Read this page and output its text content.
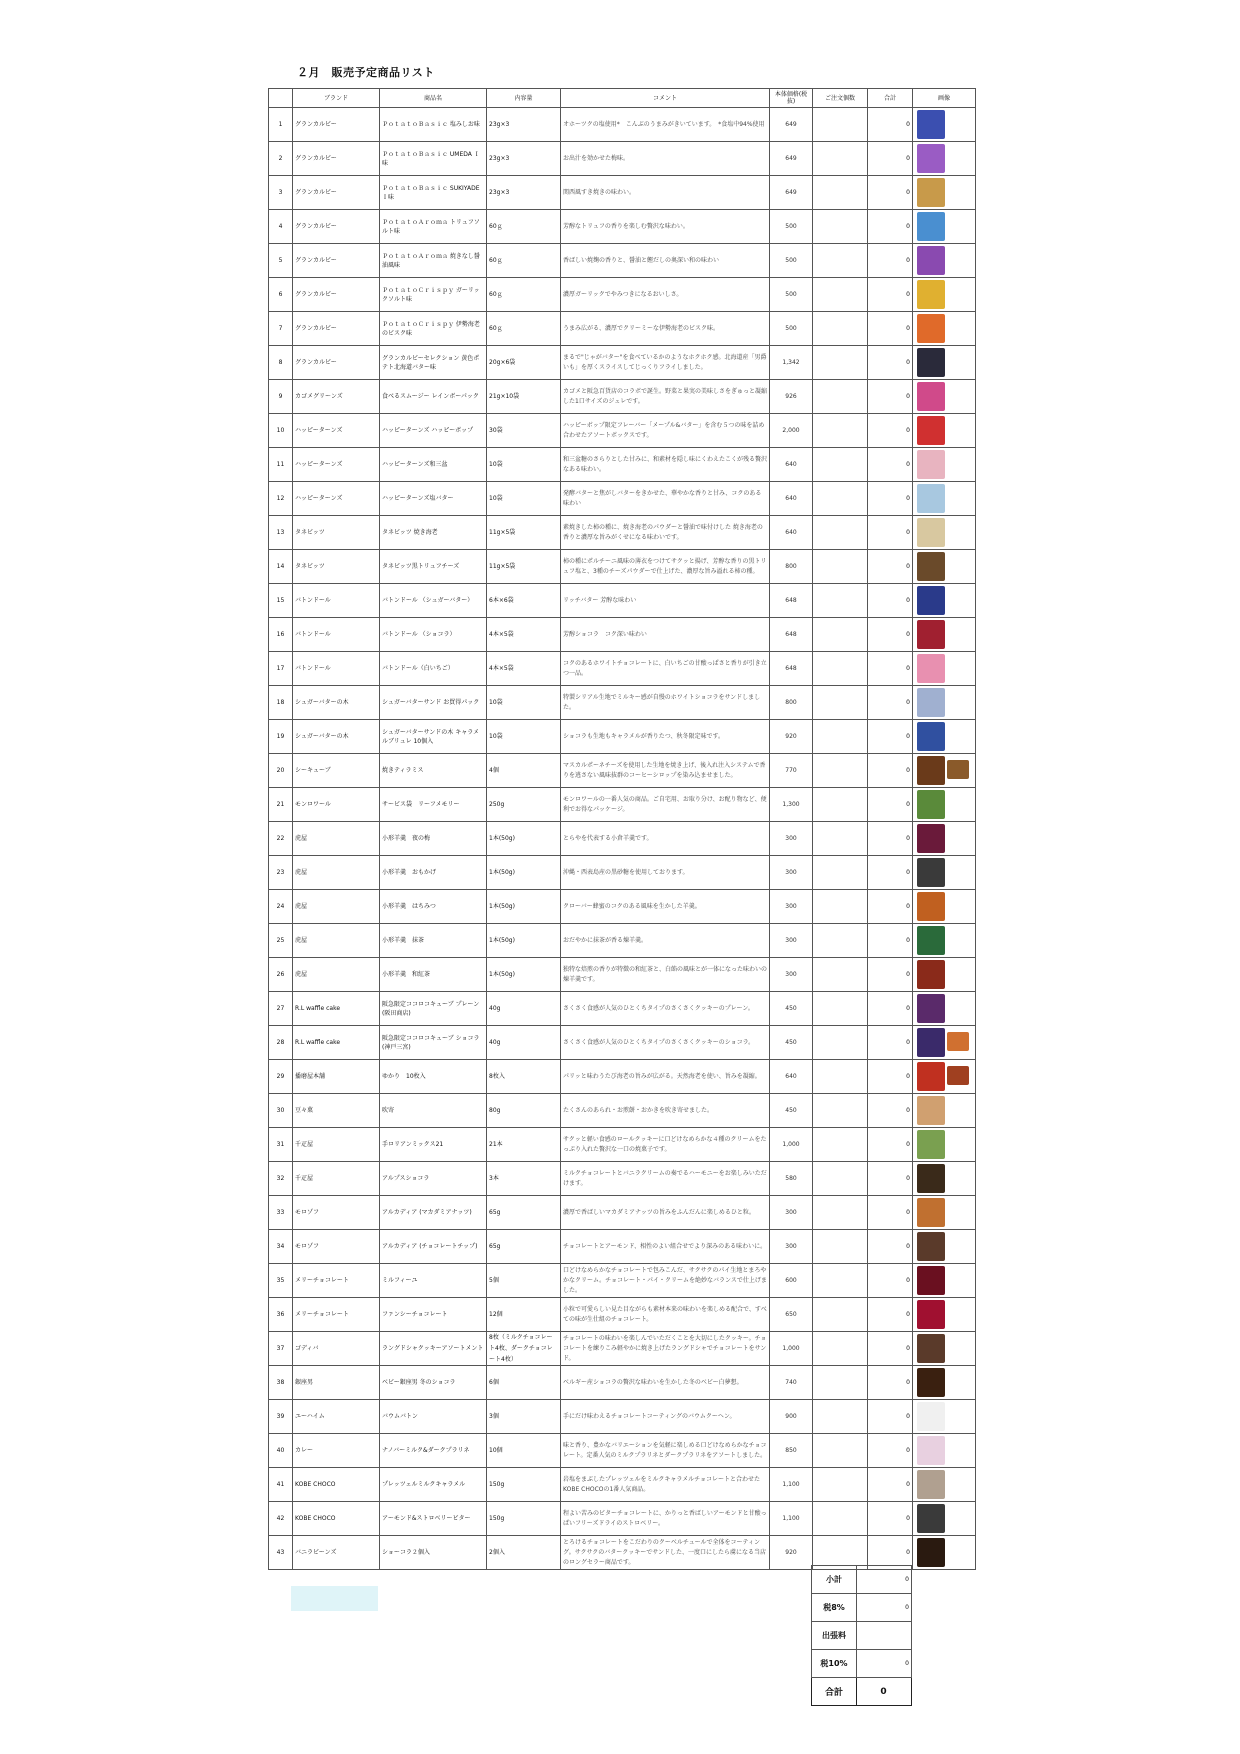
２月　販売予定商品リスト
	ブランド	商品名	内容量	コメント	本体価格(税抜)	ご注文個数	合計	画像
1	グランカルビー	ＰｏｔａｔｏＢａｓｉｃ 塩みしお味	23g×3	オホーツクの塩使用*　こんぶのうまみがきいています。　*食塩中94%使用	649		0	

2	グランカルビー	ＰｏｔａｔｏＢａｓｉｃ UMEDA Ｉ味	23g×3	お出汁を効かせた梅味。	649		0	

3	グランカルビー	ＰｏｔａｔｏＢａｓｉｃ SUKIYADE Ｉ味	23g×3	関西風すき焼きの味わい。	649		0	

4	グランカルビー	ＰｏｔａｔｏＡｒｏｍａ トリュフソルト味	60ｇ	芳醇なトリュフの香りを楽しむ贅沢な味わい。	500		0	

5	グランカルビー	ＰｏｔａｔｏＡｒｏｍａ 焼きなし醤油風味	60ｇ	香ばしい焼麹の香りと、醤油と鰹だしの奥深い和の味わい	500		0	

6	グランカルビー	ＰｏｔａｔｏＣｒｉｓｐｙ ガーリックソルト味	60ｇ	濃厚ガーリックでやみつきになるおいしさ。	500		0	

7	グランカルビー	ＰｏｔａｔｏＣｒｉｓｐｙ 伊勢海老のビスク味	60ｇ	うまみ広がる、濃厚でクリーミーな伊勢海老のビスク味。	500		0	

8	グランカルビー	グランカルビーセレクション 黄色ポテト北海道バター味	20g×6袋	まるで"じゃがバター"を食べているかのようなホクホク感。北海道産「男爵いも」を厚くスライスしてじっくりフライしました。	1,342		0	

9	カゴメグリーンズ	食べるスムージー レインボーパック	21g×10袋	カゴメと阪急百貨店のコラボで誕生。野菜と果実の美味しさをぎゅっと凝縮した1口サイズのジュレです。	926		0	

10	ハッピーターンズ	ハッピーターンズ ハッピーボップ	30袋	ハッピーボップ限定フレーバー「メープル&バター」を含む５つの味を詰め合わせたアソートボックスです。	2,000		0	

11	ハッピーターンズ	ハッピーターンズ和三盆	10袋	和三盆糖のさらりとした甘みに、和素材を隠し味にくわえたこくが残る贅沢なある味わい。	640		0	

12	ハッピーターンズ	ハッピーターンズ塩バター	10袋	発酵バターと焦がしバターをきかせた、華やかな香りと甘み、コクのある味わい	640		0	

13	タネビッツ	タネビッツ 焼き海老	11g×5袋	素焼きした柿の種に、焼き海老のパウダーと醤油で味付けした 焼き海老の香りと濃厚な旨みがくせになる味わいです。	640		0	

14	タネビッツ	タネビッツ黒トリュフチーズ	11g×5袋	柿の種にポルチーニ風味の薄衣をつけてサクッと揚げ、芳醇な香りの黒トリュフ塩と、3種のチーズパウダーで仕上げた、濃厚な旨み溢れる柿の種。	800		0	

15	バトンドール	バトンドール （シュガーバター）	6本×6袋	リッチバター 芳醇な味わい	648		0	

16	バトンドール	バトンドール （ショコラ）	4本×5袋	芳醇ショコラ　コク深い味わい	648		0	

17	バトンドール	バトンドール（白いちご）	4本×5袋	コクのあるホワイトチョコレートに、白いちごの甘酸っぱさと香りが引き立つ一品。	648		0	

18	シュガーバターの木	シュガーバターサンド お買得パック	10袋	特製シリアル生地でミルキー感が自慢のホワイトショコラをサンドしました。	800		0	

19	シュガーバターの木	シュガーバターサンドの木 キャラメルブリュレ 10個入	10袋	ショコラも生地もキャラメルが香りたつ、秋冬限定味です。	920		0	

20	シーキューブ	焼きティラミス	4個	マスカルポーネチーズを使用した生地を焼き上げ、後入れ注入システムで香りを逃さない風味抜群のコーヒーシロップを染み込ませました。	770		0	

21	モンロワール	サービス袋　リーフメモリー	250g	モンロワールの一番人気の商品。ご自宅用、お取り分け、お配り物など、便利でお得なパッケージ。	1,300		0	

22	虎屋	小形羊羹　夜の梅	1本(50g)	とらやを代表する小倉羊羹です。	300		0	

23	虎屋	小形羊羹　おもかげ	1本(50g)	沖縄・西表島産の黒砂糖を使用しております。	300		0	

24	虎屋	小形羊羹　はちみつ	1本(50g)	クローバー蜂蜜のコクのある風味を生かした羊羹。	300		0	

25	虎屋	小形羊羹　抹茶	1本(50g)	おだやかに抹茶が香る煉羊羹。	300		0	

26	虎屋	小形羊羹　和紅茶	1本(50g)	独特な焙煎の香りが特徴の和紅茶と、白餡の風味とが一体になった味わいの煉羊羹です。	300		0	

27	R.L waffle cake	阪急限定ココロコキューブ プレーン(阪田商店)	40g	さくさく食感が人気のひとくちタイプのさくさくクッキーのプレーン。	450		0	

28	R.L waffle cake	阪急限定ココロコキューブ ショコラ(神戸三宮)	40g	さくさく食感が人気のひとくちタイプのさくさくクッキーのショコラ。	450		0	

29	播磨屋本舗	ゆかり　10枚入	8枚入	パリッと味わうたび海老の旨みが広がる。天然海老を使い、旨みを凝縮。	640		0	

30	豆々菓	吹寄	80g	たくさんのあられ・お煎餅・おかきを吹き寄せました。	450		0	

31	千疋屋	手ロリアンミックス21	21本	サクッと軽い食感のロールクッキーに口どけなめらかな４種のクリームをたっぷり入れた贅沢な一口の焼菓子です。	1,000		0	

32	千疋屋	アルプスショコラ	3本	ミルクチョコレートとバニラクリームの奏でるハーモニーをお楽しみいただけます。	580		0	

33	モロゾフ	アルカディア (マカダミアナッツ)	65g	濃厚で香ばしいマカダミアナッツの旨みをふんだんに楽しめるひと粒。	300		0	

34	モロゾフ	アルカディア (チョコレートチップ)	65g	チョコレートとアーモンド、相性のよい組合せでより深みのある味わいに。	300		0	

35	メリーチョコレート	ミルフィーユ	5個	口どけなめらかなチョコレートで包みこんだ、サクサクのパイ生地とまろやかなクリーム。チョコレート・パイ・クリームを絶妙なバランスで仕上げました。	600		0	

36	メリーチョコレート	ファンシーチョコレート	12個	小粒で可愛らしい見た目ながらも素材本来の味わいを楽しめる配合で、すべての味が生仕組のチョコレート。	650		0	

37	ゴディバ	ラングドシャクッキーアソートメント	8枚（ミルクチョコレート4枚、ダークチョコレート4枚）	チョコレートの味わいを楽しんでいただくことを大切にしたクッキー。チョコレートを練りこみ軽やかに焼き上げたラングドシャでチョコレートをサンド。	1,000		0	

38	銀座男	ベビー銀座男 冬のショコラ	6個	ベルギー産ショコラの贅沢な味わいを生かした冬のベビー白夢想。	740		0	

39	ユーハイム	バウムバトン	3個	手にだけ味わえるチョコレートコーティングのバウムクーヘン。	900		0	

40	カレー	ナノバーミルク&ダークプラリネ	10個	味と香り、豊かなバリエーションを気軽に楽しめる口どけなめらかなチョコレート。定番人気のミルクプラリネとダークプラリネをアソートしました。	850		0	

41	KOBE CHOCO	プレッツェルミルクキャラメル	150g	岩塩をまぶしたプレッツェルをミルクキャラメルチョコレートと合わせたKOBE CHOCOの1番人気商品。	1,100		0	

42	KOBE CHOCO	アーモンド&ストロベリービター	150g	程よい苦みのビターチョコレートに、かりっと香ばしいアーモンドと甘酸っぱいフリーズドライのストロベリー。	1,100		0	

43	バニラビーンズ	ショーコラ２個入	2個入	とろけるチョコレートをこだわりのクーベルチュールで全体をコーティング。サクサクのバタークッキーでサンドした、一度口にしたら虜になる当店のロングセラー商品です。	920		0	
小計	0
税8%	0
出張料	
税10%	0
合計	0
